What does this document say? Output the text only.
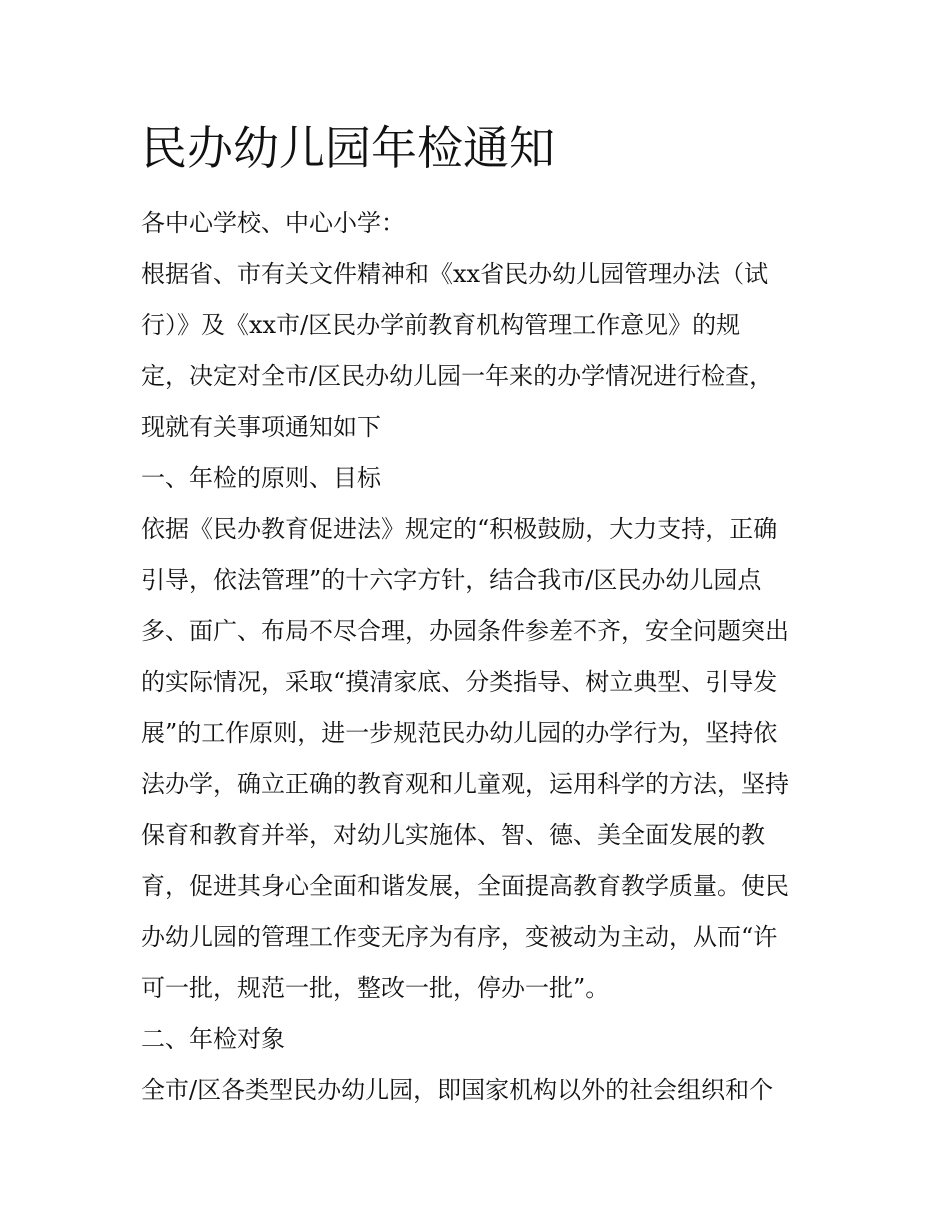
民办幼儿园年检通知

各中心学校、中心小学：

根据省、市有关文件精神和《xx省民办幼儿园管理办法（试

行）》及《xx市/区民办学前教育机构管理工作意见》的规

定，决定对全市/区民办幼儿园一年来的办学情况进行检查，

现就有关事项通知如下

一、年检的原则、目标

依据《民办教育促进法》规定的“积极鼓励，大力支持，正确

引导，依法管理”的十六字方针，结合我市/区民办幼儿园点

多、面广、布局不尽合理，办园条件参差不齐，安全问题突出

的实际情况，采取“摸清家底、分类指导、树立典型、引导发

展”的工作原则，进一步规范民办幼儿园的办学行为，坚持依

法办学，确立正确的教育观和儿童观，运用科学的方法，坚持

保育和教育并举，对幼儿实施体、智、德、美全面发展的教

育，促进其身心全面和谐发展，全面提高教育教学质量。使民

办幼儿园的管理工作变无序为有序，变被动为主动，从而“许

可一批，规范一批，整改一批，停办一批”。

二、年检对象

全市/区各类型民办幼儿园，即国家机构以外的社会组织和个
